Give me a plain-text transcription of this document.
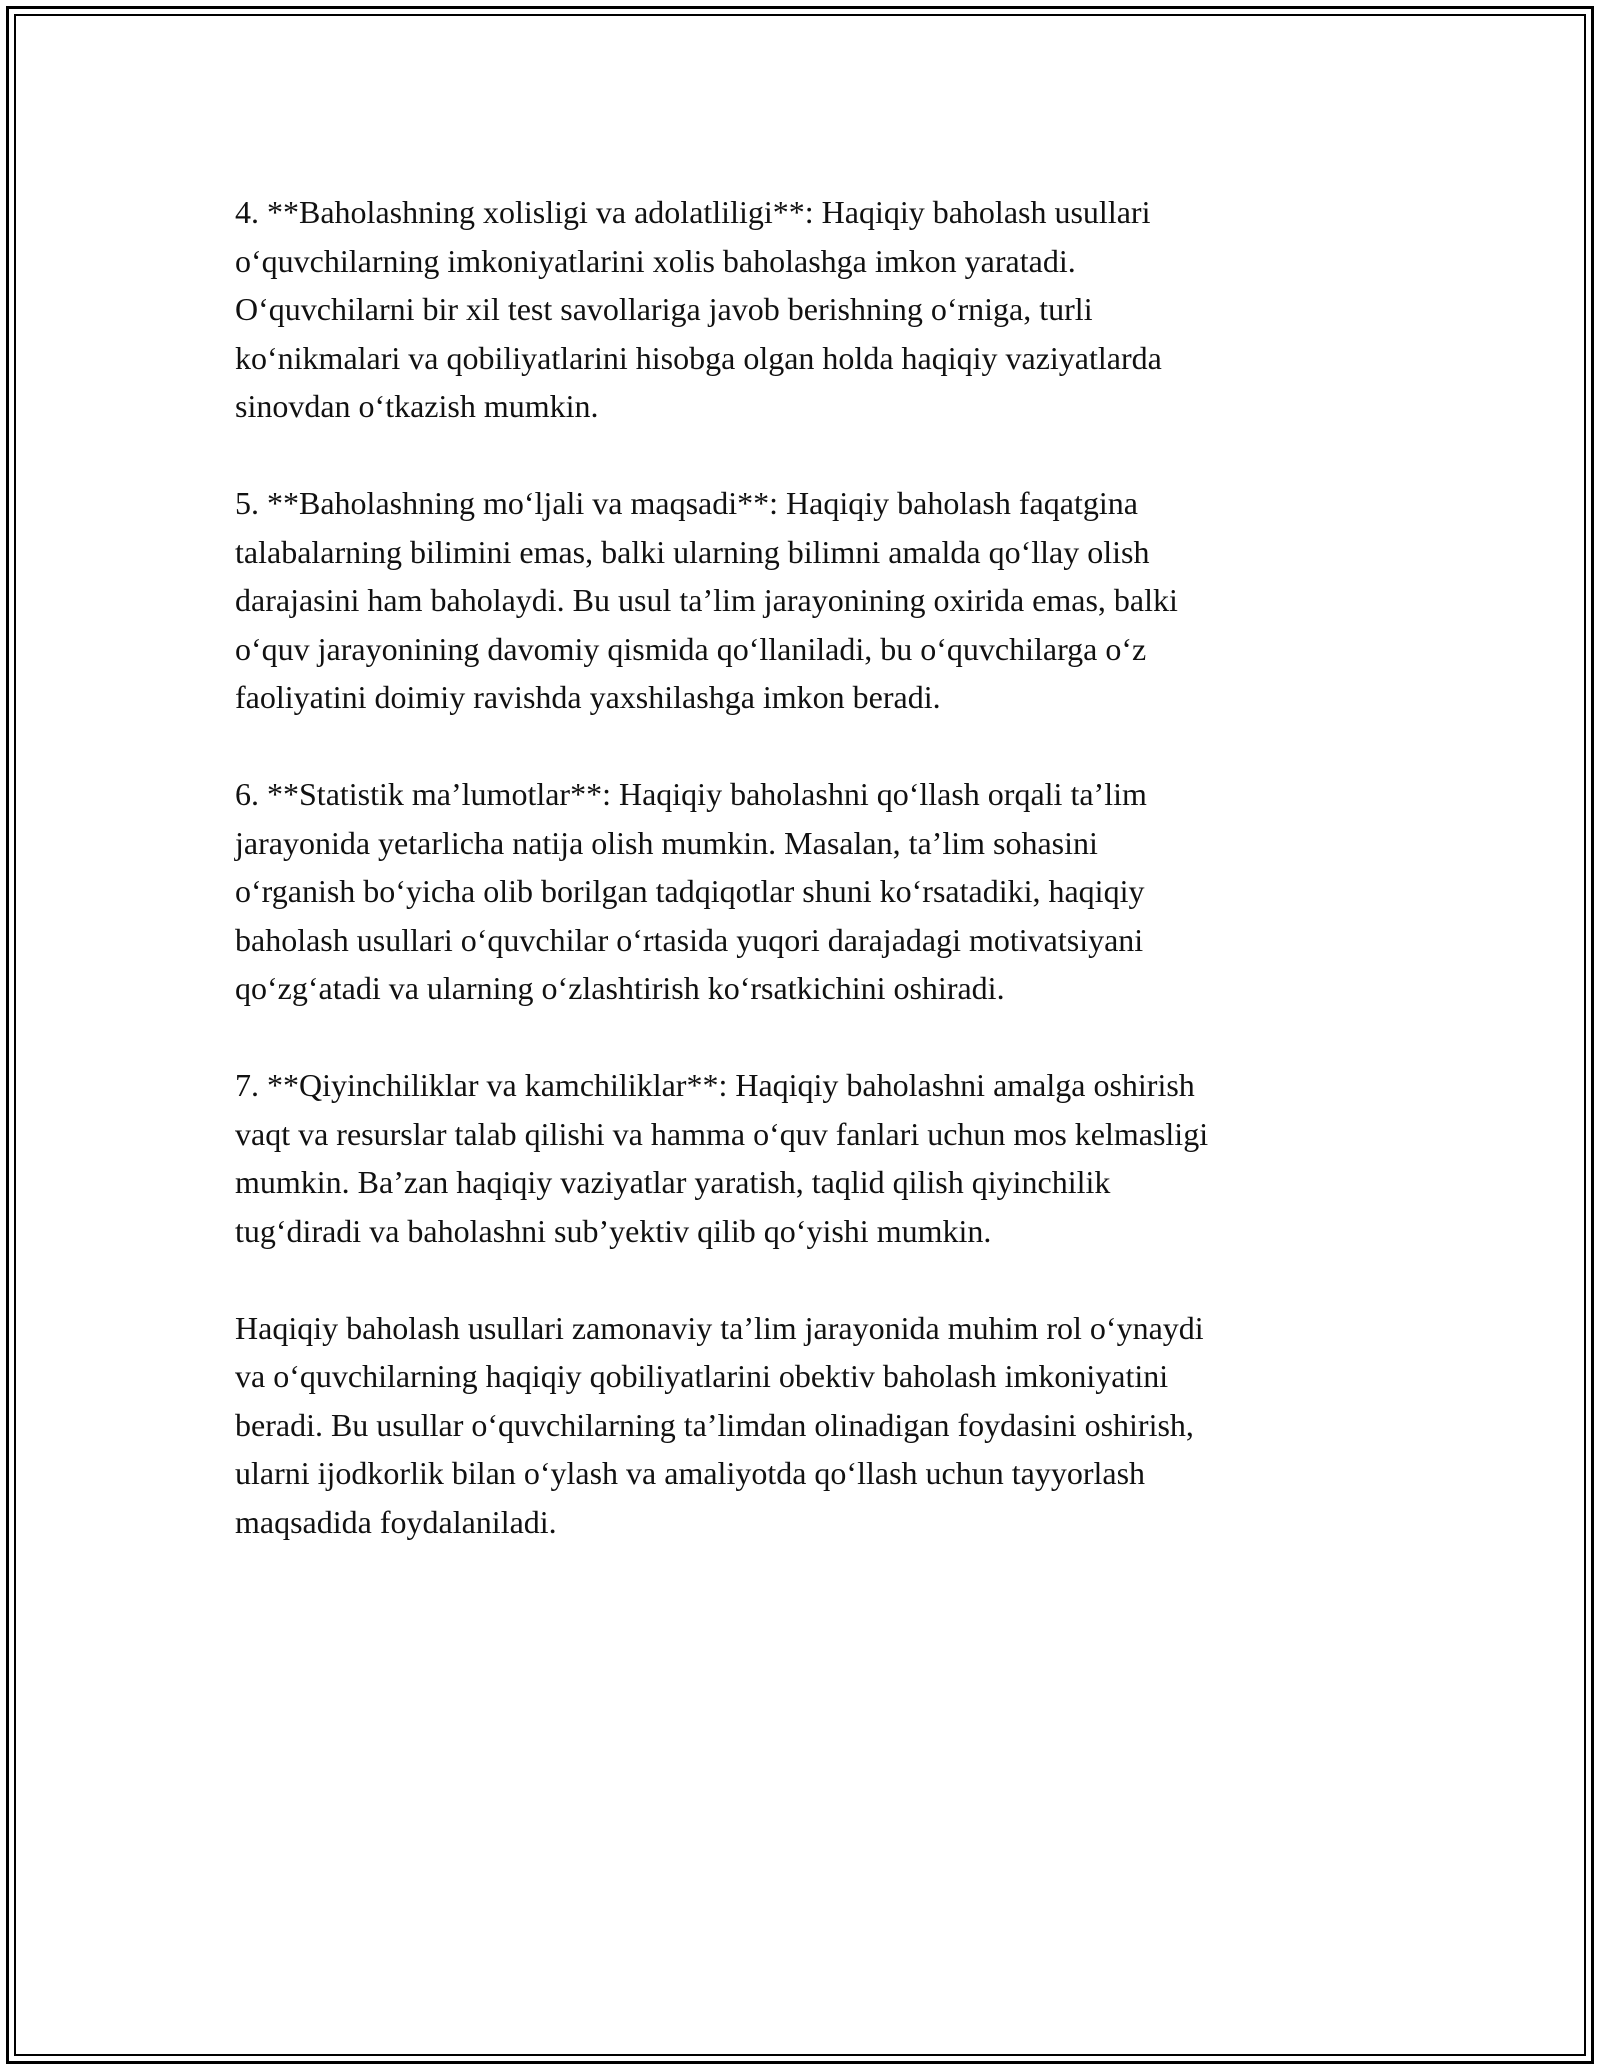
4. **Baholashning xolisligi va adolatliligi**: Haqiqiy baholash usullari
o‘quvchilarning imkoniyatlarini xolis baholashga imkon yaratadi.
O‘quvchilarni bir xil test savollariga javob berishning o‘rniga, turli
ko‘nikmalari va qobiliyatlarini hisobga olgan holda haqiqiy vaziyatlarda
sinovdan o‘tkazish mumkin.

5. **Baholashning mo‘ljali va maqsadi**: Haqiqiy baholash faqatgina
talabalarning bilimini emas, balki ularning bilimni amalda qo‘llay olish
darajasini ham baholaydi. Bu usul ta’lim jarayonining oxirida emas, balki
o‘quv jarayonining davomiy qismida qo‘llaniladi, bu o‘quvchilarga o‘z
faoliyatini doimiy ravishda yaxshilashga imkon beradi.

6. **Statistik ma’lumotlar**: Haqiqiy baholashni qo‘llash orqali ta’lim
jarayonida yetarlicha natija olish mumkin. Masalan, ta’lim sohasini
o‘rganish bo‘yicha olib borilgan tadqiqotlar shuni ko‘rsatadiki, haqiqiy
baholash usullari o‘quvchilar o‘rtasida yuqori darajadagi motivatsiyani
qo‘zg‘atadi va ularning o‘zlashtirish ko‘rsatkichini oshiradi.

7. **Qiyinchiliklar va kamchiliklar**: Haqiqiy baholashni amalga oshirish
vaqt va resurslar talab qilishi va hamma o‘quv fanlari uchun mos kelmasligi
mumkin. Ba’zan haqiqiy vaziyatlar yaratish, taqlid qilish qiyinchilik
tug‘diradi va baholashni sub’yektiv qilib qo‘yishi mumkin.

Haqiqiy baholash usullari zamonaviy ta’lim jarayonida muhim rol o‘ynaydi
va o‘quvchilarning haqiqiy qobiliyatlarini obektiv baholash imkoniyatini
beradi. Bu usullar o‘quvchilarning ta’limdan olinadigan foydasini oshirish,
ularni ijodkorlik bilan o‘ylash va amaliyotda qo‘llash uchun tayyorlash
maqsadida foydalaniladi.
